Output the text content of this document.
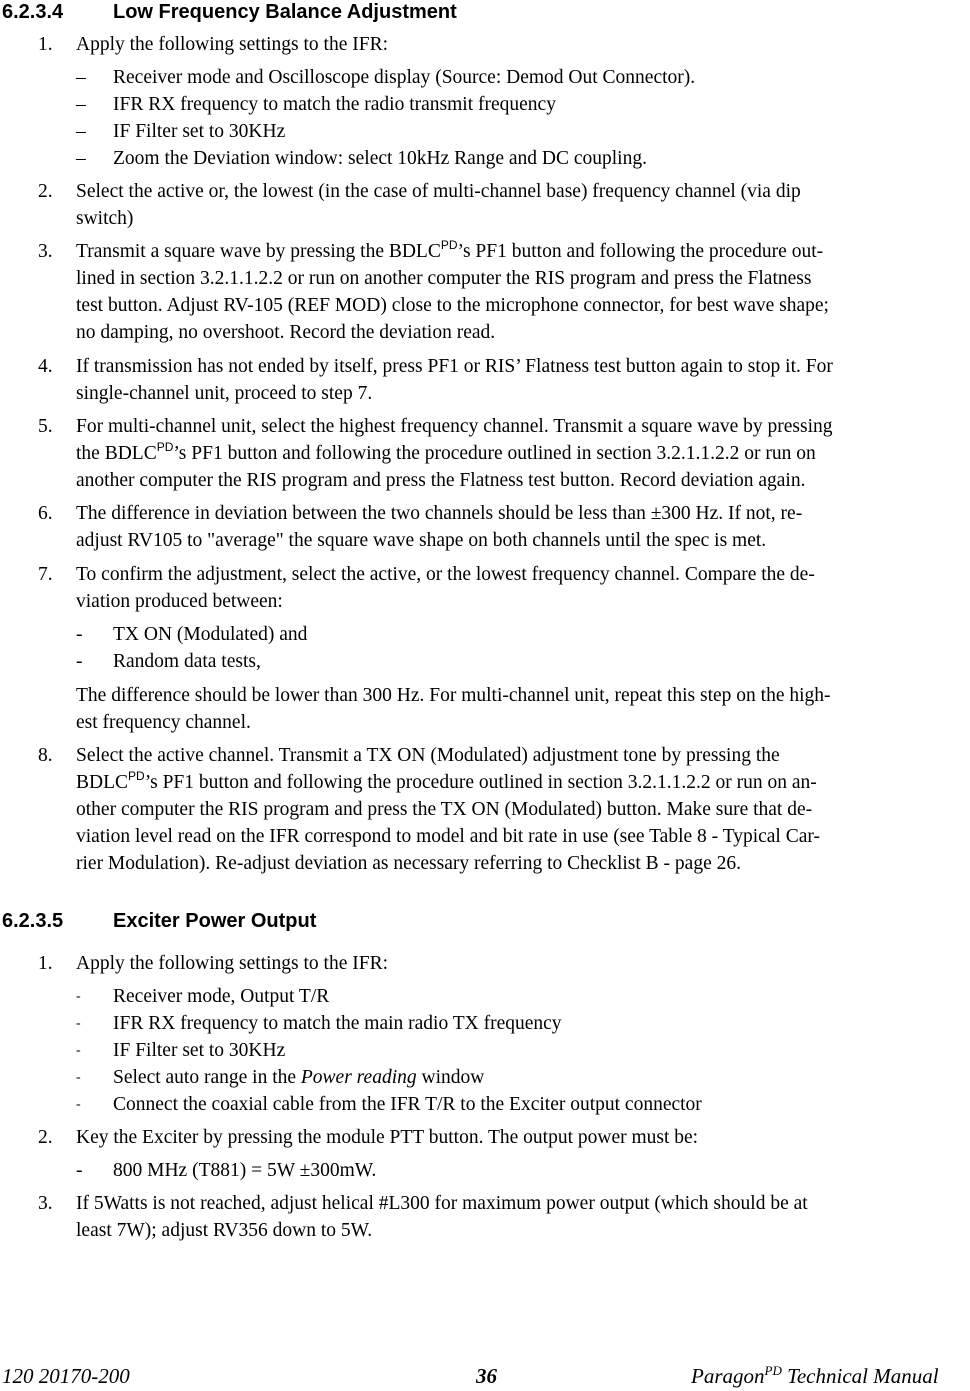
6.2.3.4 Low Frequency Balance Adjustment
1. Apply the following settings to the IFR:
– Receiver mode and Oscilloscope display (Source: Demod Out Connector).
– IFR RX frequency to match the radio transmit frequency
– IF Filter set to 30KHz
– Zoom the Deviation window: select 10kHz Range and DC coupling.
2. Select the active or, the lowest (in the case of multi-channel base) frequency channel (via dip
switch)
3. Transmit a square wave by pressing the $BDLC^{PD}’s$ PF1 button and following the procedure out-
lined in section 3.2.1.1.2.2 or run on another computer the RIS program and press the Flatness
test button. Adjust RV-105 (REF MOD) close to the microphone connector, for best wave shape;
no damping, no overshoot. Record the deviation read.
4. If transmission has not ended by itself, press PF1 or RIS’ Flatness test button again to stop it. For
single-channel unit, proceed to step 7.
5. For multi-channel unit, select the highest frequency channel. Transmit a square wave by pressing
the $BDLC^{PD}’s$ PF1 button and following the procedure outlined in section 3.2.1.1.2.2 or run on
another computer the RIS program and press the Flatness test button. Record deviation again.
6. The difference in deviation between the two channels should be less than ±300 Hz. If not, re-
adjust RV105 to "average" the square wave shape on both channels until the spec is met.
7. To confirm the adjustment, select the active, or the lowest frequency channel. Compare the de-
viation produced between:
- TX ON (Modulated) and
- Random data tests,
The difference should be lower than 300 Hz. For multi-channel unit, repeat this step on the high-
est frequency channel.
8. Select the active channel. Transmit a TX ON (Modulated) adjustment tone by pressing the
$BDLC^{PD}’s$ PF1 button and following the procedure outlined in section 3.2.1.1.2.2 or run on an-
other computer the RIS program and press the TX ON (Modulated) button. Make sure that de-
viation level read on the IFR correspond to model and bit rate in use (see Table 8 - Typical Car-
rier Modulation). Re-adjust deviation as necessary referring to Checklist B - page 26.
6.2.3.5 Exciter Power Output
1. Apply the following settings to the IFR:
- Receiver mode, Output T/R
- IFR RX frequency to match the main radio TX frequency
- IF Filter set to 30KHz
- Select auto range in the Power reading window
- Connect the coaxial cable from the IFR T/R to the Exciter output connector
2. Key the Exciter by pressing the module PTT button. The output power must be:
- 800 MHz (T881) = 5W ±300mW.
3. If 5Watts is not reached, adjust helical #L300 for maximum power output (which should be at
least 7W); adjust RV356 down to 5W.
120 20170-200	36	Paragon$^{PD}$ Technical Manual
